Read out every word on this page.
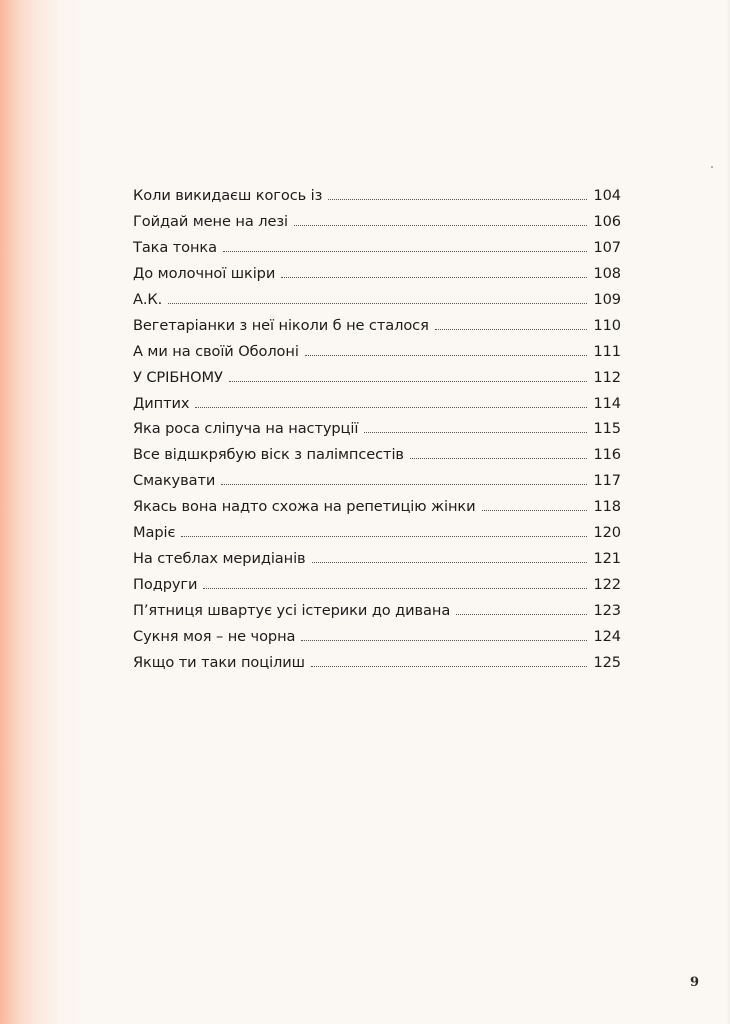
Коли викидаєш когось із	104
Гойдай мене на лезі	106
Така тонка	107
До молочної шкіри	108
А.К.	109
Вегетаріанки з неї ніколи б не сталося	110
А ми на своїй Оболоні	111
У СРІБНОМУ	112
Диптих	114
Яка роса сліпуча на настурції	115
Все відшкрябую віск з палімпсестів	116
Смакувати	117
Якась вона надто схожа на репетицію жінки	118
Маріє	120
На стеблах меридіанів	121
Подруги	122
П’ятниця швартує усі істерики до дивана	123
Сукня моя – не чорна	124
Якщо ти таки поцілиш	125
9
